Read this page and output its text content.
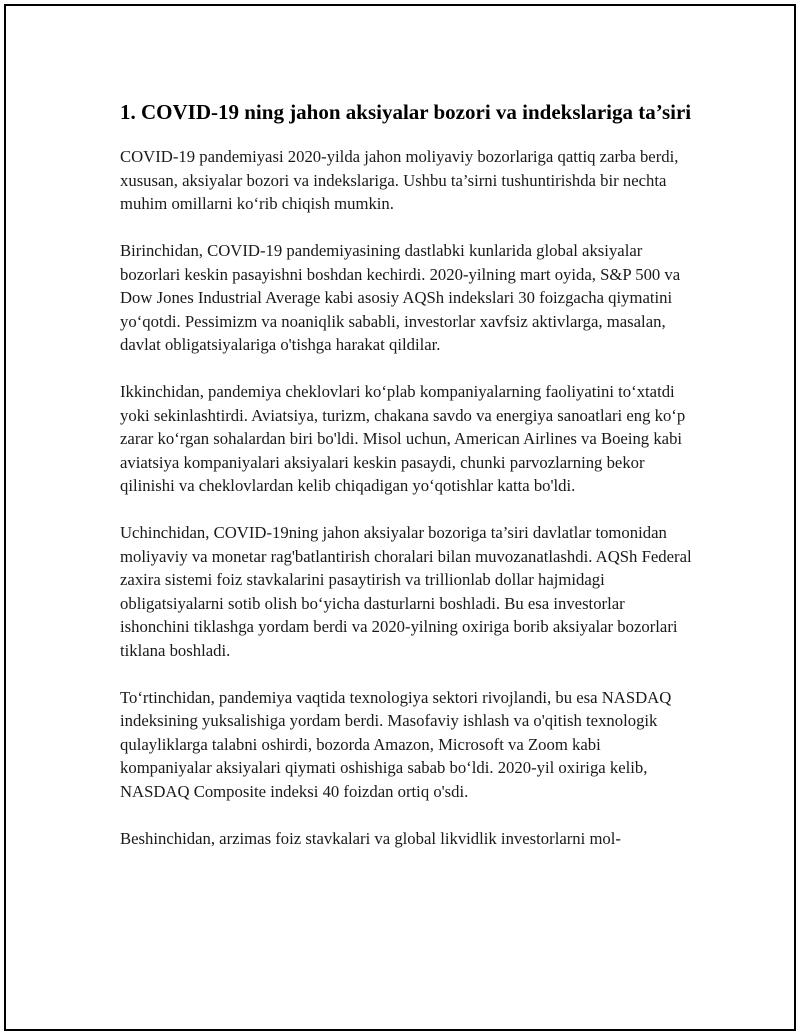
1. COVID-19 ning jahon aksiyalar bozori va indekslariga ta’siri

COVID-19 pandemiyasi 2020-yilda jahon moliyaviy bozorlariga qattiq zarba berdi, xususan, aksiyalar bozori va indekslariga. Ushbu ta’sirni tushuntirishda bir nechta muhim omillarni ko‘rib chiqish mumkin.

Birinchidan, COVID-19 pandemiyasining dastlabki kunlarida global aksiyalar bozorlari keskin pasayishni boshdan kechirdi. 2020-yilning mart oyida, S&P 500 va Dow Jones Industrial Average kabi asosiy AQSh indekslari 30 foizgacha qiymatini yo‘qotdi. Pessimizm va noaniqlik sababli, investorlar xavfsiz aktivlarga, masalan, davlat obligatsiyalariga o'tishga harakat qildilar.

Ikkinchidan, pandemiya cheklovlari ko‘plab kompaniyalarning faoliyatini to‘xtatdi yoki sekinlashtirdi. Aviatsiya, turizm, chakana savdo va energiya sanoatlari eng ko‘p zarar ko‘rgan sohalardan biri bo'ldi. Misol uchun, American Airlines va Boeing kabi aviatsiya kompaniyalari aksiyalari keskin pasaydi, chunki parvozlarning bekor qilinishi va cheklovlardan kelib chiqadigan yo‘qotishlar katta bo'ldi.

Uchinchidan, COVID-19ning jahon aksiyalar bozoriga ta’siri davlatlar tomonidan moliyaviy va monetar rag'batlantirish choralari bilan muvozanatlashdi. AQSh Federal zaxira sistemi foiz stavkalarini pasaytirish va trillionlab dollar hajmidagi obligatsiyalarni sotib olish bo‘yicha dasturlarni boshladi. Bu esa investorlar ishonchini tiklashga yordam berdi va 2020-yilning oxiriga borib aksiyalar bozorlari tiklana boshladi.

To‘rtinchidan, pandemiya vaqtida texnologiya sektori rivojlandi, bu esa NASDAQ indeksining yuksalishiga yordam berdi. Masofaviy ishlash va o'qitish texnologik qulayliklarga talabni oshirdi, bozorda Amazon, Microsoft va Zoom kabi kompaniyalar aksiyalari qiymati oshishiga sabab bo‘ldi. 2020-yil oxiriga kelib, NASDAQ Composite indeksi 40 foizdan ortiq o'sdi.

Beshinchidan, arzimas foiz stavkalari va global likvidlik investorlarni mol-
